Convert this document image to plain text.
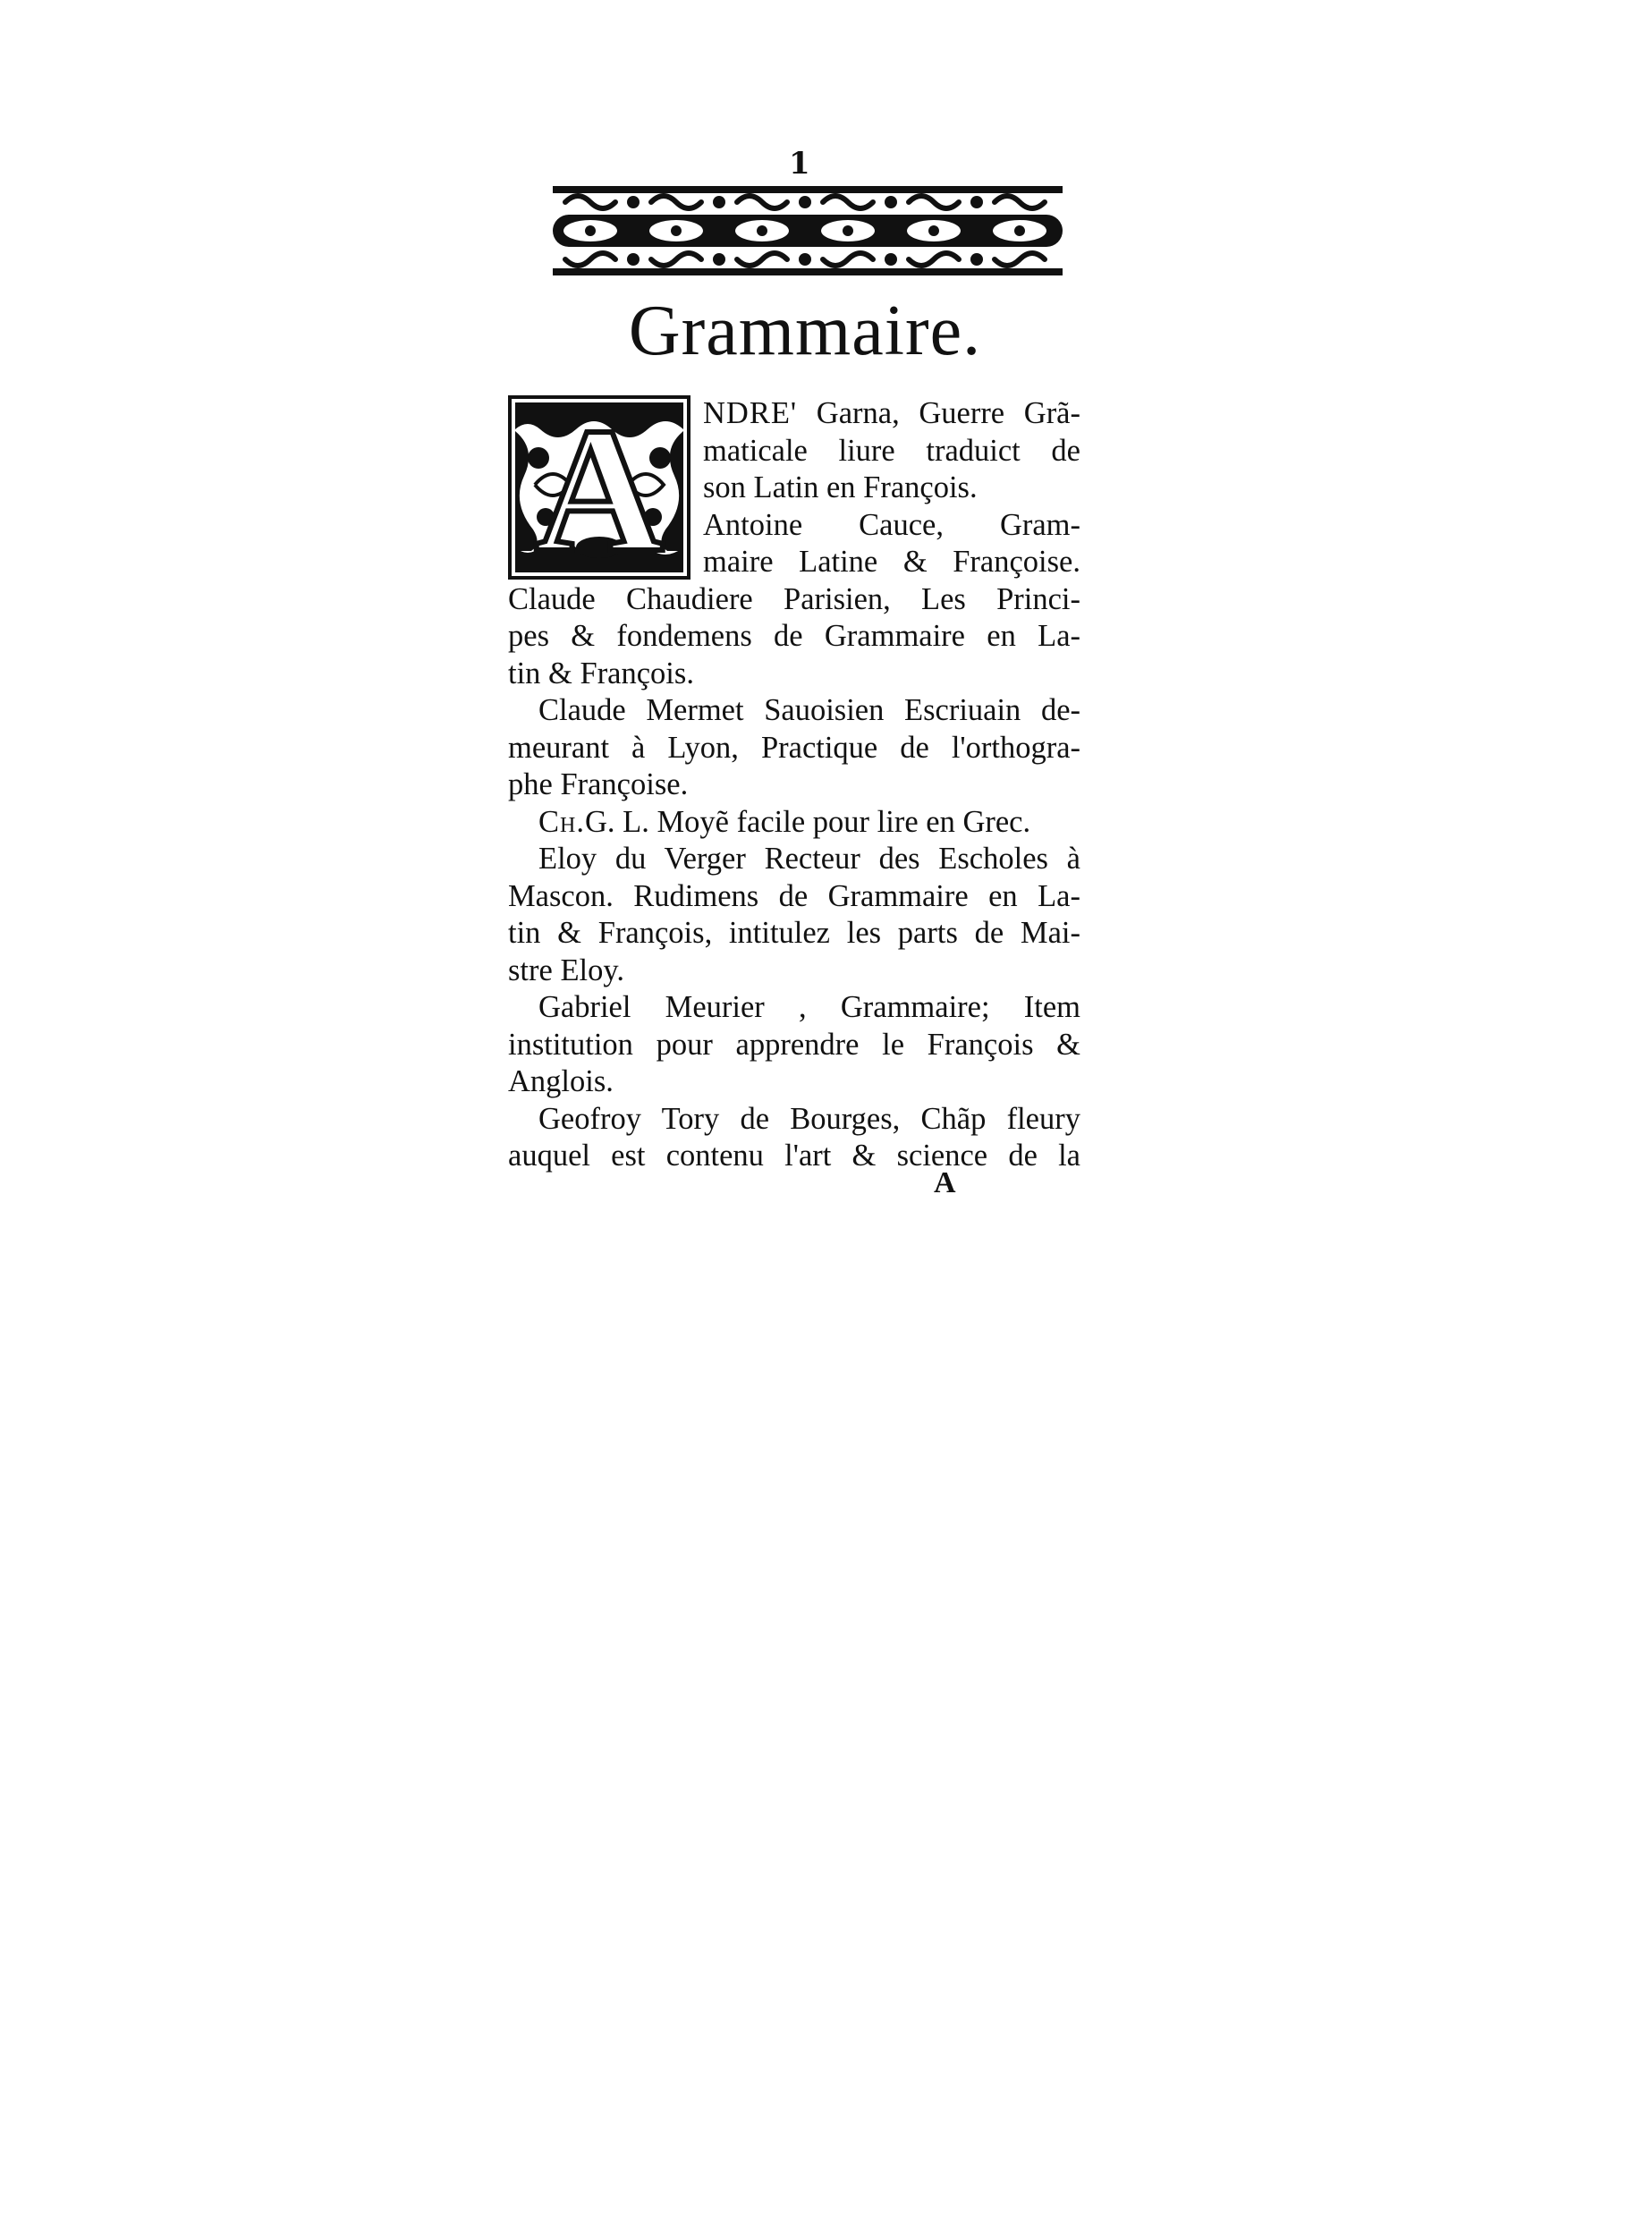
1
Grammaire.
A	NDRE' Garna, Guerre Grã-
maticale liure traduict de
son Latin en François.
Antoine Cauce, Gram-
maire Latine & Françoise.
Claude Chaudiere Parisien, Les Princi-
pes & fondemens de Grammaire en La-
tin & François.
Claude Mermet Sauoisien Escriuain de-
meurant à Lyon, Practique de l'orthogra-
phe Françoise.
Ch.G. L. Moyẽ facile pour lire en Grec.
Eloy du Verger Recteur des Escholes à
Mascon. Rudimens de Grammaire en La-
tin & François, intitulez les parts de Mai-
stre Eloy.
Gabriel Meurier , Grammaire; Item
institution pour apprendre le François &
Anglois.
Geofroy Tory de Bourges, Chãp fleury
auquel est contenu l'art & science de la
A
